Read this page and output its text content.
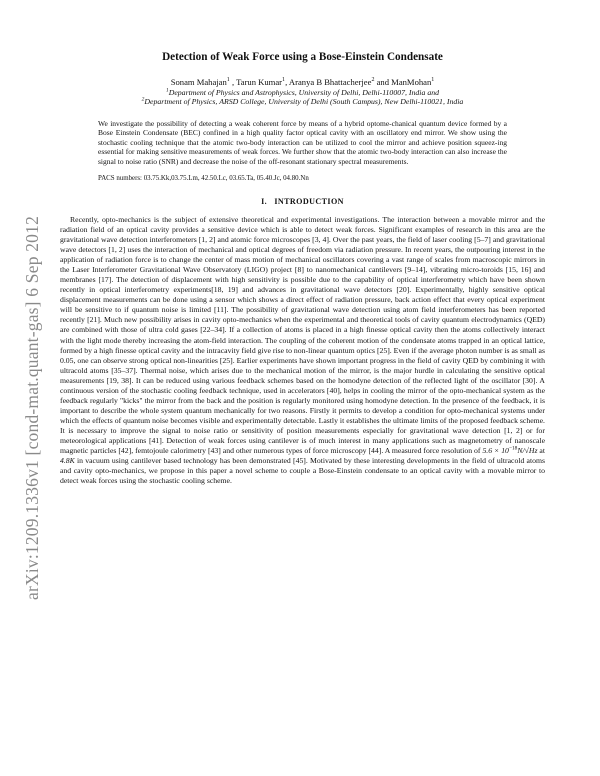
arXiv:1209.1336v1 [cond-mat.quant-gas] 6 Sep 2012
Detection of Weak Force using a Bose-Einstein Condensate
Sonam Mahajan$^1$ , Tarun Kumar$^1$, Aranya B Bhattacherjee$^2$ and ManMohan$^1$
$^1$Department of Physics and Astrophysics, University of Delhi, Delhi-110007, India and
$^2$Department of Physics, ARSD College, University of Delhi (South Campus), New Delhi-110021, India
We investigate the possibility of detecting a weak coherent force by means of a hybrid optome-chanical quantum device formed by a Bose Einstein Condensate (BEC) confined in a high quality factor optical cavity with an oscillatory end mirror. We show using the stochastic cooling technique that the atomic two-body interaction can be utilized to cool the mirror and achieve position squeez-ing essential for making sensitive measurements of weak forces. We further show that the atomic two-body interaction can also increase the signal to noise ratio (SNR) and decrease the noise of the off-resonant stationary spectral measurements.
PACS numbers: 03.75.Kk,03.75.Lm, 42.50.Lc, 03.65.Ta, 05.40.Jc, 04.80.Nn
I. INTRODUCTION
Recently, opto-mechanics is the subject of extensive theoretical and experimental investigations. The interaction between a movable mirror and the radiation field of an optical cavity provides a sensitive device which is able to detect weak forces. Significant examples of research in this area are the gravitational wave detection interferometers [1, 2] and atomic force microscopes [3, 4]. Over the past years, the field of laser cooling [5–7] and gravitational wave detectors [1, 2] uses the interaction of mechanical and optical degrees of freedom via radiation pressure. In recent years, the outpouring interest in the application of radiation force is to change the center of mass motion of mechanical oscillators covering a vast range of scales from macroscopic mirrors in the Laser Interferometer Gravitational Wave Observatory (LIGO) project [8] to nanomechanical cantilevers [9–14], vibrating micro-toroids [15, 16] and membranes [17]. The detection of displacement with high sensitivity is possible due to the capability of optical interferometry which have been shown recently in optical interferometry experiments[18, 19] and advances in gravitational wave detectors [20]. Experimentally, highly sensitive optical displacement measurements can be done using a sensor which shows a direct effect of radiation pressure, back action effect that every optical experiment will be sensitive to if quantum noise is limited [11]. The possibility of gravitational wave detection using atom field interferometers has been reported recently [21]. Much new possibility arises in cavity opto-mechanics when the experimental and theoretical tools of cavity quantum electrodynamics (QED) are combined with those of ultra cold gases [22–34]. If a collection of atoms is placed in a high finesse optical cavity then the atoms collectively interact with the light mode thereby increasing the atom-field interaction. The coupling of the coherent motion of the condensate atoms trapped in an optical lattice, formed by a high finesse optical cavity and the intracavity field give rise to non-linear quantum optics [25]. Even if the average photon number is as small as 0.05, one can observe strong optical non-linearities [25]. Earlier experiments have shown important progress in the field of cavity QED by combining it with ultracold atoms [35–37]. Thermal noise, which arises due to the mechanical motion of the mirror, is the major hurdle in calculating the sensitive optical measurements [19, 38]. It can be reduced using various feedback schemes based on the homodyne detection of the reflected light of the oscillator [30]. A continuous version of the stochastic cooling feedback technique, used in accelerators [40], helps in cooling the mirror of the opto-mechanical system as the feedback regularly "kicks" the mirror from the back and the position is regularly monitored using homodyne detection. In the presence of the feedback, it is important to describe the whole system quantum mechanically for two reasons. Firstly it permits to develop a condition for opto-mechanical systems under which the effects of quantum noise becomes visible and experimentally detectable. Lastly it establishes the ultimate limits of the proposed feedback scheme. It is necessary to improve the signal to noise ratio or sensitivity of position measurements especially for gravitational wave detection [1, 2] or for meteorological applications [41]. Detection of weak forces using cantilever is of much interest in many applications such as magnetometry of nanoscale magnetic particles [42], femtojoule calorimetry [43] and other numerous types of force microscopy [44]. A measured force resolution of $5.6 \times 10^{-18}N/√Hz$ at 4.8K in vacuum using cantilever based technology has been demonstrated [45]. Motivated by these interesting developments in the field of ultracold atoms and cavity opto-mechanics, we propose in this paper a novel scheme to couple a Bose-Einstein condensate to an optical cavity with a movable mirror to detect weak forces using the stochastic cooling scheme.
